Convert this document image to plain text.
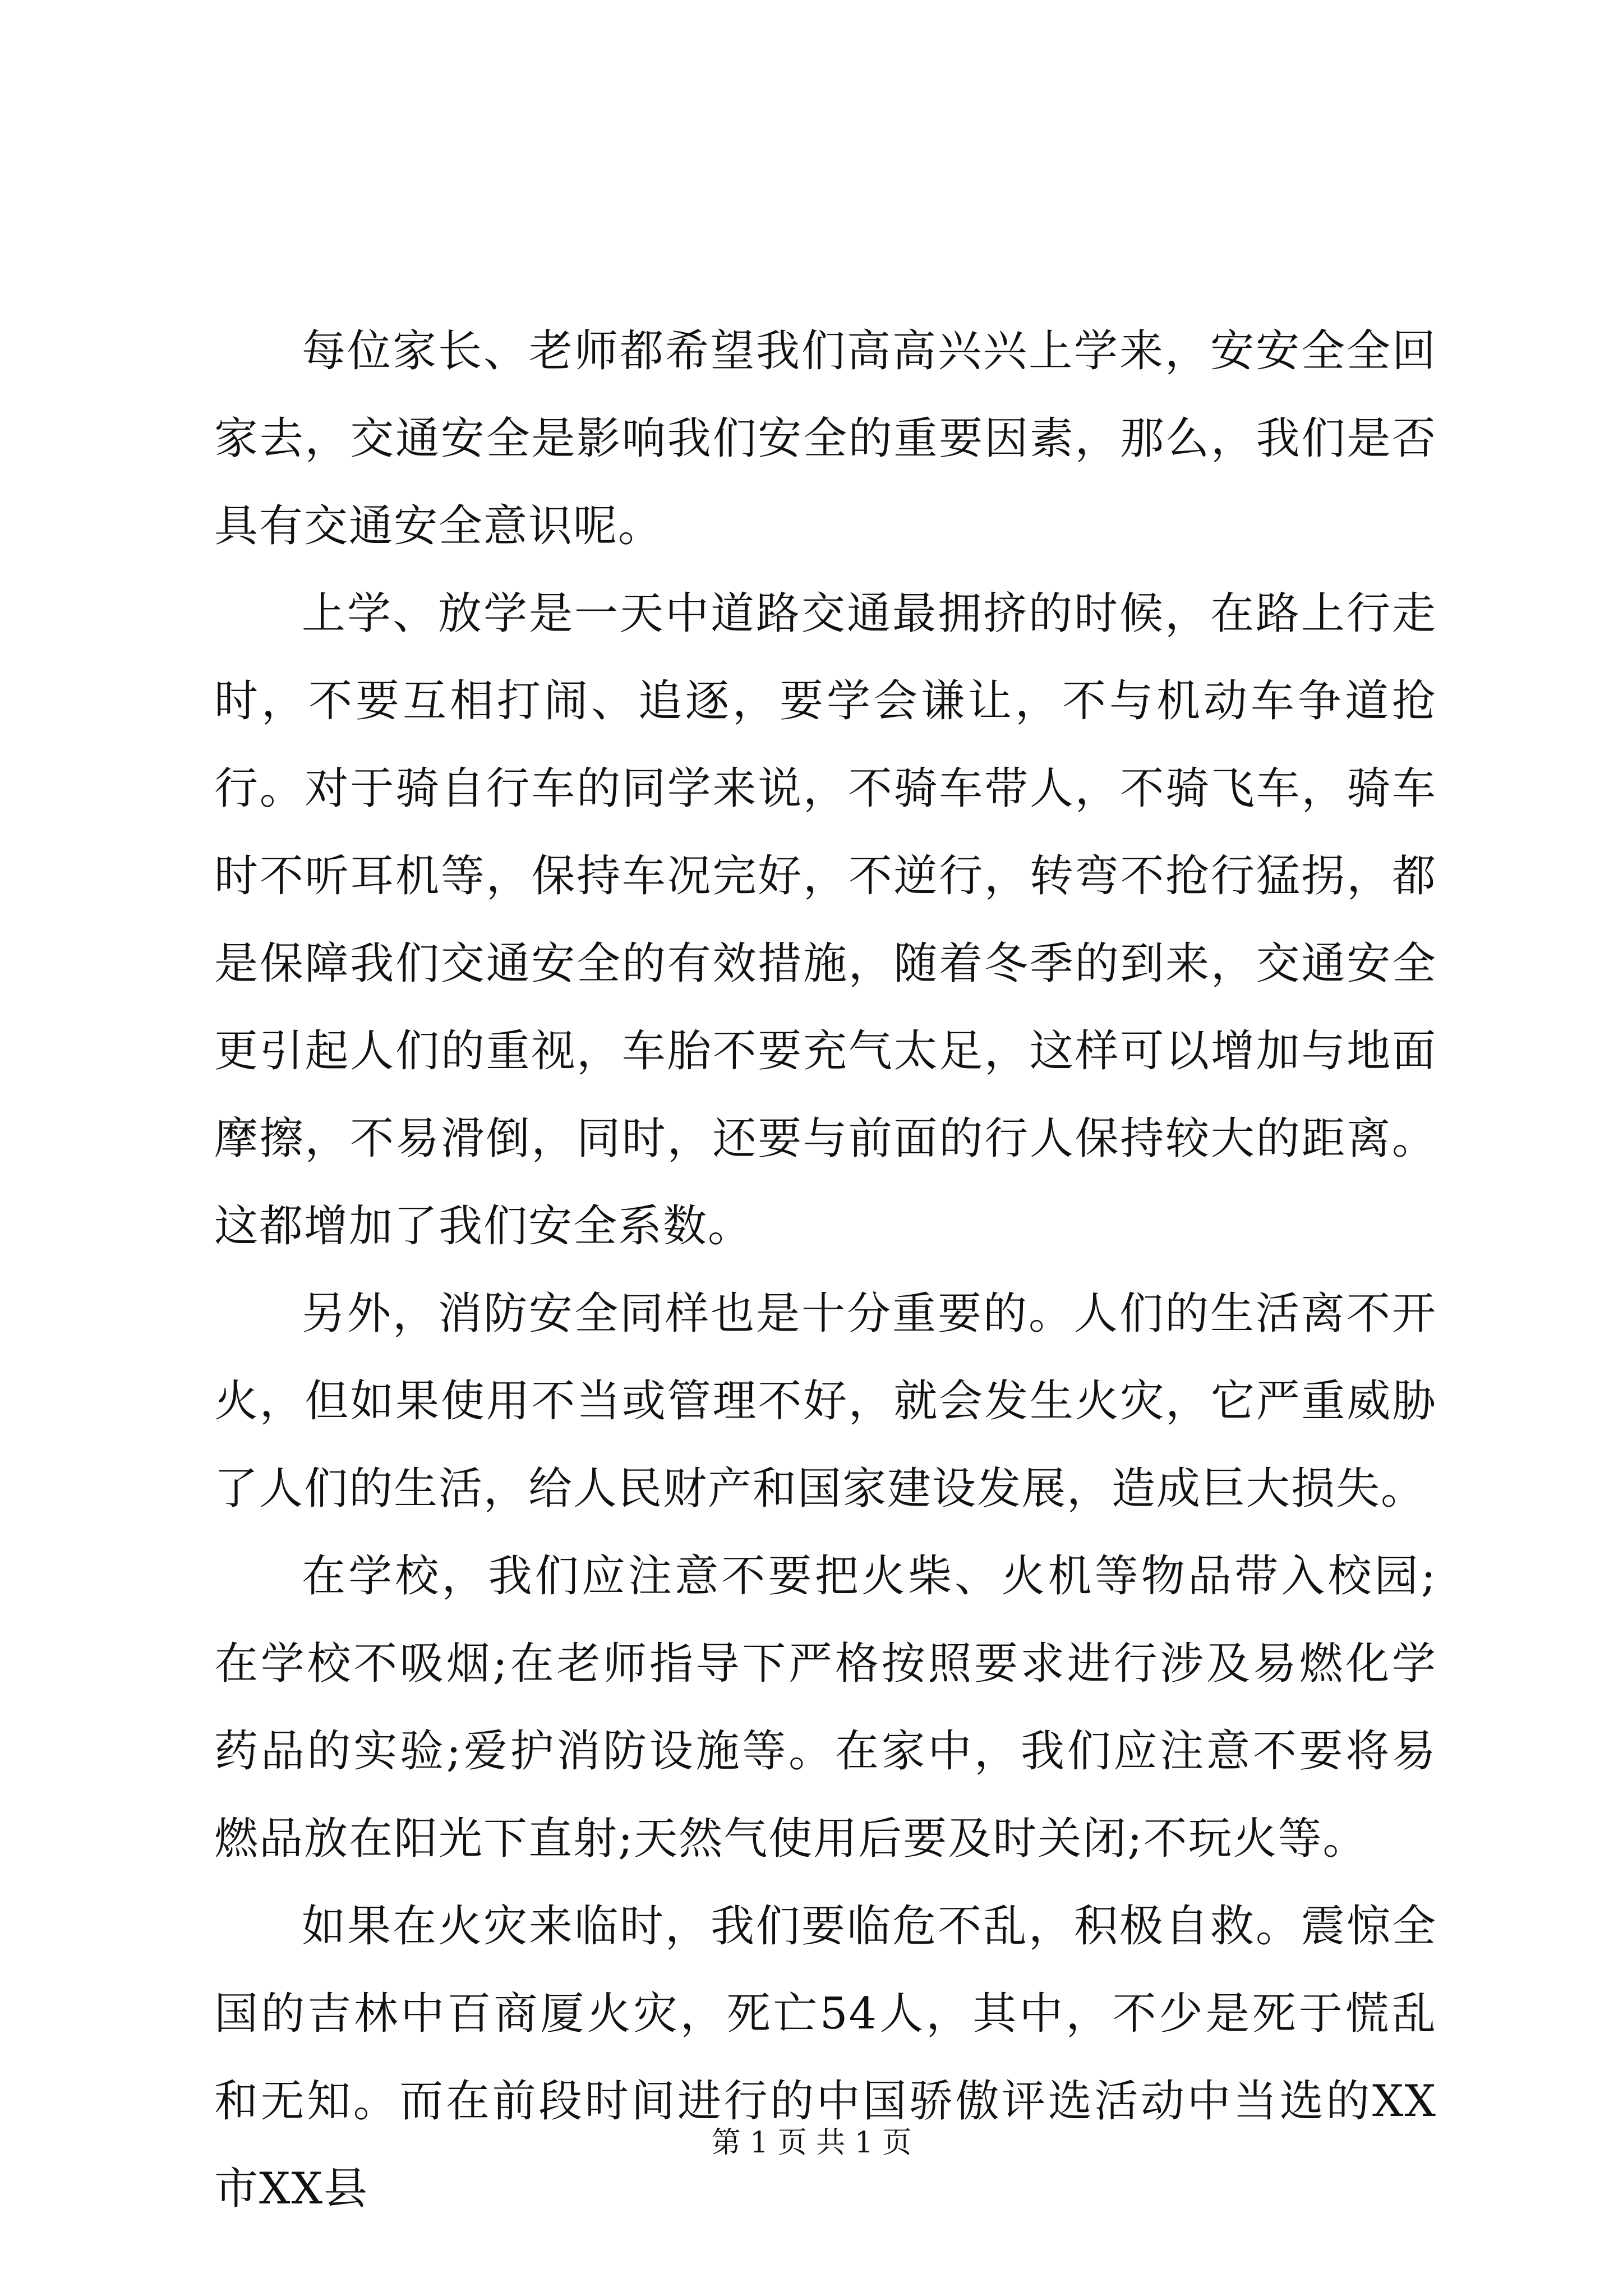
每位家长、老师都希望我们高高兴兴上学来，安安全全回家去，交通安全是影响我们安全的重要因素，那么，我们是否具有交通安全意识呢。

上学、放学是一天中道路交通最拥挤的时候，在路上行走时，不要互相打闹、追逐，要学会谦让，不与机动车争道抢行。对于骑自行车的同学来说，不骑车带人，不骑飞车，骑车时不听耳机等，保持车况完好，不逆行，转弯不抢行猛拐，都是保障我们交通安全的有效措施，随着冬季的到来，交通安全更引起人们的重视，车胎不要充气太足，这样可以增加与地面摩擦，不易滑倒，同时，还要与前面的行人保持较大的距离。这都增加了我们安全系数。

另外，消防安全同样也是十分重要的。人们的生活离不开火，但如果使用不当或管理不好，就会发生火灾，它严重威胁了人们的生活，给人民财产和国家建设发展，造成巨大损失。

在学校，我们应注意不要把火柴、火机等物品带入校园;在学校不吸烟;在老师指导下严格按照要求进行涉及易燃化学药品的实验;爱护消防设施等。在家中，我们应注意不要将易燃品放在阳光下直射;天然气使用后要及时关闭;不玩火等。

如果在火灾来临时，我们要临危不乱，积极自救。震惊全国的吉林中百商厦火灾，死亡54人，其中，不少是死于慌乱和无知。而在前段时间进行的中国骄傲评选活动中当选的XX市XX县

第 1 页 共 1 页
